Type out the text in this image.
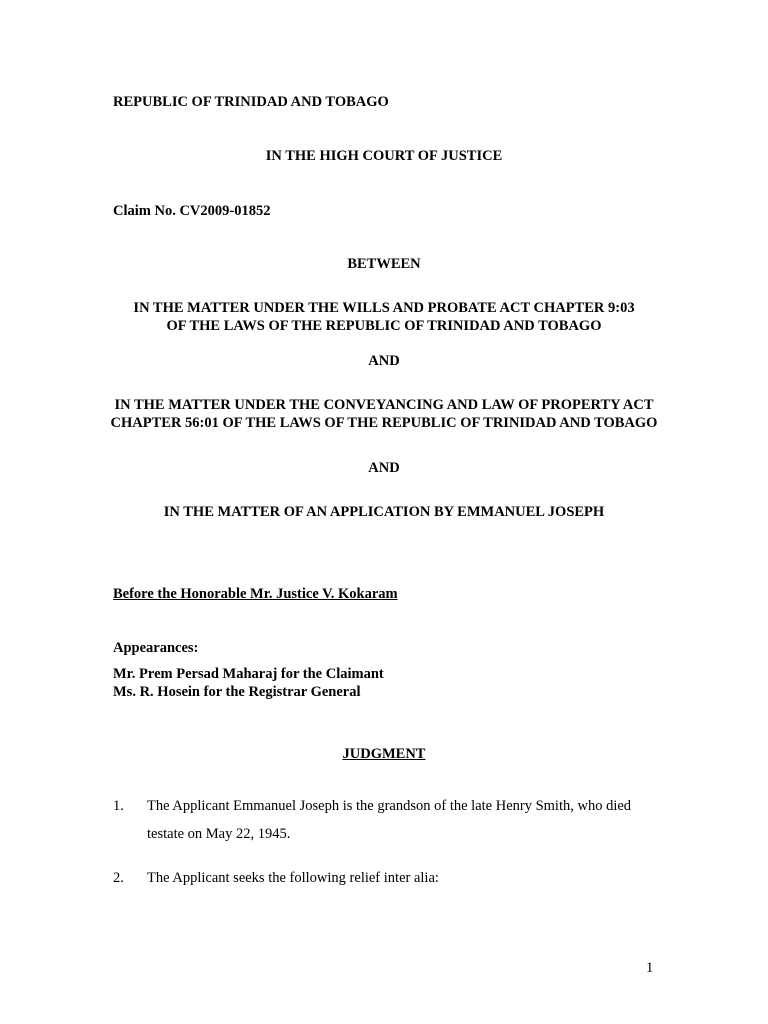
REPUBLIC OF TRINIDAD AND TOBAGO
IN THE HIGH COURT OF JUSTICE
Claim No. CV2009-01852
BETWEEN
IN THE MATTER UNDER THE WILLS AND PROBATE ACT CHAPTER 9:03
OF THE LAWS OF THE REPUBLIC OF TRINIDAD AND TOBAGO
AND
IN THE MATTER UNDER THE CONVEYANCING AND LAW OF PROPERTY ACT
CHAPTER 56:01 OF THE LAWS OF THE REPUBLIC OF TRINIDAD AND TOBAGO
AND
IN THE MATTER OF AN APPLICATION BY EMMANUEL JOSEPH
Before the Honorable Mr. Justice V. Kokaram
Appearances:
Mr. Prem Persad Maharaj for the Claimant
Ms. R. Hosein for the Registrar General
JUDGMENT
1. The Applicant Emmanuel Joseph is the grandson of the late Henry Smith, who died
testate on May 22, 1945.
2. The Applicant seeks the following relief inter alia:
1
